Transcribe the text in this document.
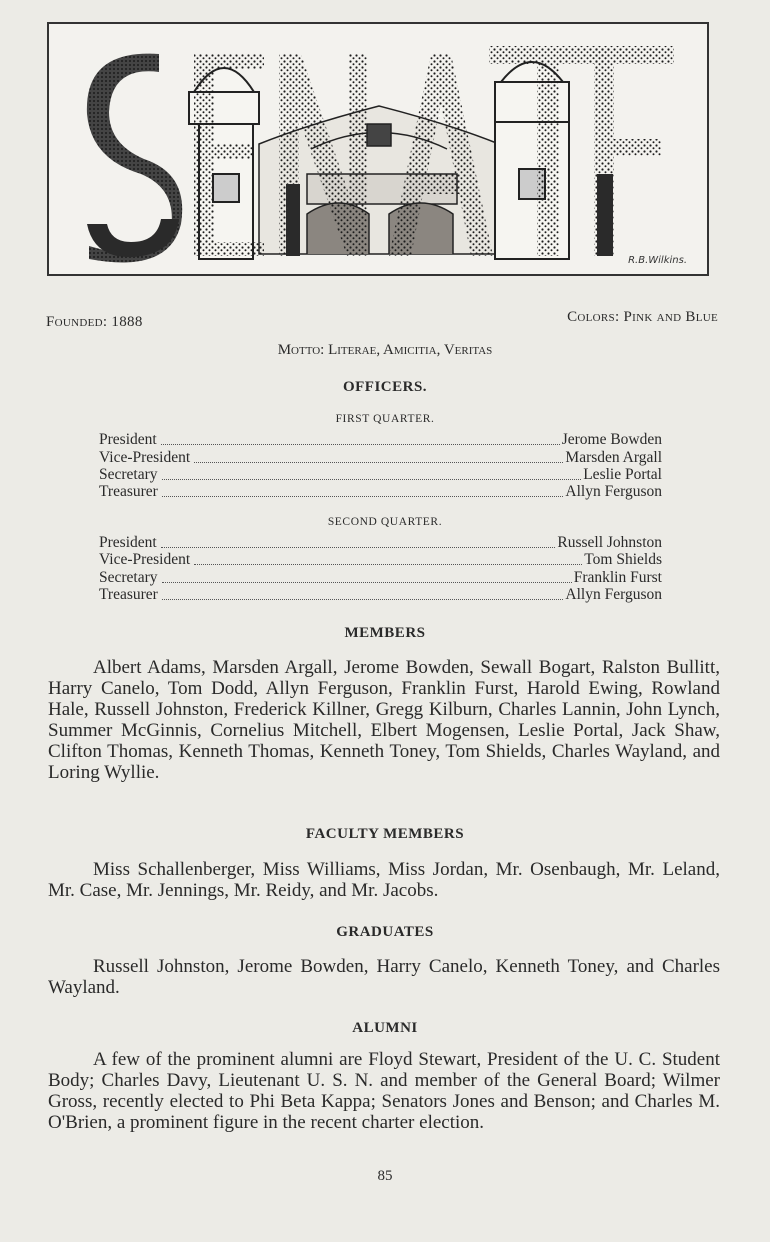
R.B.Wilkins.
Founded: 1888	Colors: Pink and Blue
Motto: Literae, Amicitia, Veritas
OFFICERS.
FIRST QUARTER.
President	Jerome Bowden
Vice-President	Marsden Argall
Secretary	Leslie Portal
Treasurer	Allyn Ferguson
SECOND QUARTER.
President	Russell Johnston
Vice-President	Tom Shields
Secretary	Franklin Furst
Treasurer	Allyn Ferguson
MEMBERS
Albert Adams, Marsden Argall, Jerome Bowden, Sewall Bogart, Ralston Bullitt, Harry Canelo, Tom Dodd, Allyn Ferguson, Franklin Furst, Harold Ewing, Rowland Hale, Russell Johnston, Frederick Killner, Gregg Kilburn, Charles Lannin, John Lynch, Summer McGinnis, Cornelius Mitchell, Elbert Mogensen, Leslie Portal, Jack Shaw, Clifton Thomas, Kenneth Thomas, Kenneth Toney, Tom Shields, Charles Wayland, and Loring Wyllie.
FACULTY MEMBERS
Miss Schallenberger, Miss Williams, Miss Jordan, Mr. Osenbaugh, Mr. Leland, Mr. Case, Mr. Jennings, Mr. Reidy, and Mr. Jacobs.
GRADUATES
Russell Johnston, Jerome Bowden, Harry Canelo, Kenneth Toney, and Charles Wayland.
ALUMNI
A few of the prominent alumni are Floyd Stewart, President of the U. C. Student Body; Charles Davy, Lieutenant U. S. N. and member of the General Board; Wilmer Gross, recently elected to Phi Beta Kappa; Senators Jones and Benson; and Charles M. O'Brien, a prominent figure in the recent charter election.
85
